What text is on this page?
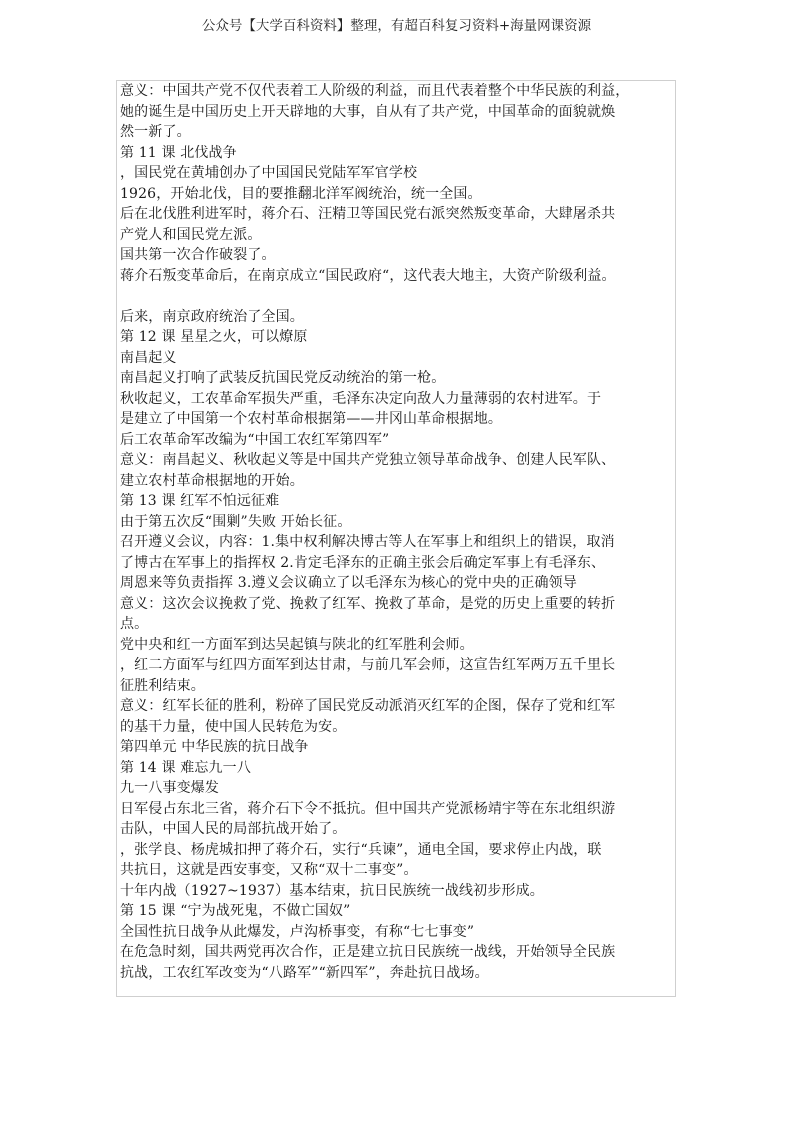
公众号【大学百科资料】整理，有超百科复习资料+海量网课资源
意义：中国共产党不仅代表着工人阶级的利益，而且代表着整个中华民族的利益，
她的诞生是中国历史上开天辟地的大事，自从有了共产党，中国革命的面貌就焕
然一新了。
第 11 课 北伐战争
，国民党在黄埔创办了中国国民党陆军军官学校
1926，开始北伐，目的要推翻北洋军阀统治，统一全国。
后在北伐胜利进军时，蒋介石、汪精卫等国民党右派突然叛变革命，大肆屠杀共
产党人和国民党左派。
国共第一次合作破裂了。
蒋介石叛变革命后，在南京成立“国民政府“，这代表大地主，大资产阶级利益。
后来，南京政府统治了全国。
第 12 课 星星之火，可以燎原
南昌起义
南昌起义打响了武装反抗国民党反动统治的第一枪。
秋收起义，工农革命军损失严重，毛泽东决定向敌人力量薄弱的农村进军。于
是建立了中国第一个农村革命根据第——井冈山革命根据地。
后工农革命军改编为“中国工农红军第四军”
意义：南昌起义、秋收起义等是中国共产党独立领导革命战争、创建人民军队、
建立农村革命根据地的开始。
第 13 课 红军不怕远征难
由于第五次反“围剿”失败 开始长征。
召开遵义会议，内容：1.集中权利解决博古等人在军事上和组织上的错误，取消
了博古在军事上的指挥权 2.肯定毛泽东的正确主张会后确定军事上有毛泽东、
周恩来等负责指挥 3.遵义会议确立了以毛泽东为核心的党中央的正确领导
意义：这次会议挽救了党、挽救了红军、挽救了革命，是党的历史上重要的转折
点。
党中央和红一方面军到达吴起镇与陕北的红军胜利会师。
，红二方面军与红四方面军到达甘肃，与前几军会师，这宣告红军两万五千里长
征胜利结束。
意义：红军长征的胜利，粉碎了国民党反动派消灭红军的企图，保存了党和红军
的基干力量，使中国人民转危为安。
第四单元 中华民族的抗日战争
第 14 课 难忘九一八
九一八事变爆发
日军侵占东北三省，蒋介石下令不抵抗。但中国共产党派杨靖宇等在东北组织游
击队，中国人民的局部抗战开始了。
，张学良、杨虎城扣押了蒋介石，实行“兵谏”，通电全国，要求停止内战，联
共抗日，这就是西安事变，又称“双十二事变”。
十年内战（1927~1937）基本结束，抗日民族统一战线初步形成。
第 15 课 “宁为战死鬼，不做亡国奴”
全国性抗日战争从此爆发，卢沟桥事变，有称“七七事变”
在危急时刻，国共两党再次合作，正是建立抗日民族统一战线，开始领导全民族
抗战，工农红军改变为“八路军”“新四军”，奔赴抗日战场。
